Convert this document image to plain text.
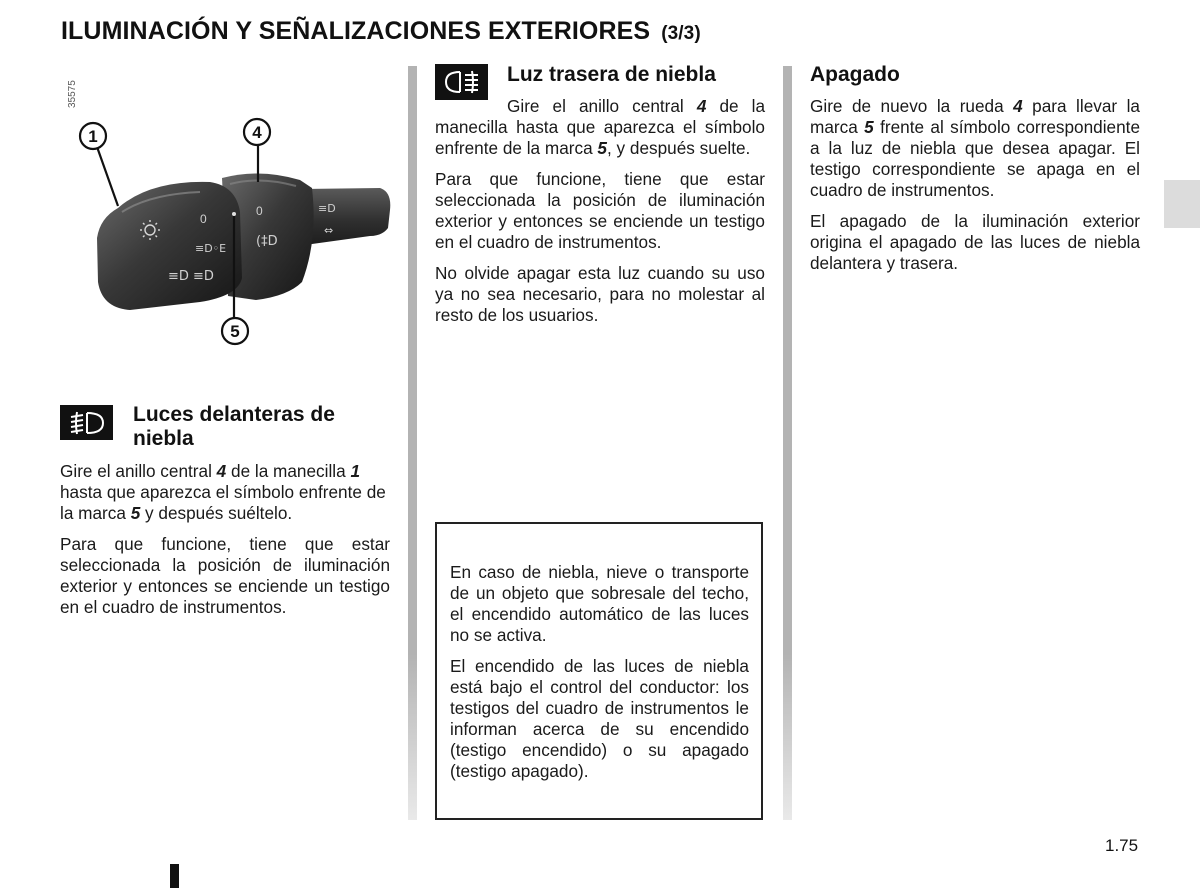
ILUMINACIÓN Y SEÑALIZACIONES EXTERIORES (3/3)
35575
0
≡D◦E
≡D ≡D
0
(‡D
≡D
⇔
1	4
5
Luces delanteras de
niebla

Gire el anillo central 4 de la manecilla 1 hasta que aparezca el símbolo enfrente de la marca 5 y después suéltelo.

Para que funcione, tiene que estar seleccionada la posición de iluminación exterior y entonces se enciende un testigo en el cuadro de instrumentos.

Luz trasera de niebla

Gire el anillo central 4 de la manecilla hasta que aparezca el símbolo enfrente de la marca 5, y después suelte.

Para que funcione, tiene que estar seleccionada la posición de iluminación exterior y entonces se enciende un testigo en el cuadro de instrumentos.

No olvide apagar esta luz cuando su uso ya no sea necesario, para no molestar al resto de los usuarios.

En caso de niebla, nieve o transporte de un objeto que sobresale del techo, el encendido automático de las luces no se activa.

El encendido de las luces de niebla está bajo el control del conductor: los testigos del cuadro de instrumentos le informan acerca de su encendido (testigo encendido) o su apagado (testigo apagado).

Apagado

Gire de nuevo la rueda 4 para llevar la marca 5 frente al símbolo correspondiente a la luz de niebla que desea apagar. El testigo correspondiente se apaga en el cuadro de instrumentos.

El apagado de la iluminación exterior origina el apagado de las luces de niebla delantera y trasera.

1.75
